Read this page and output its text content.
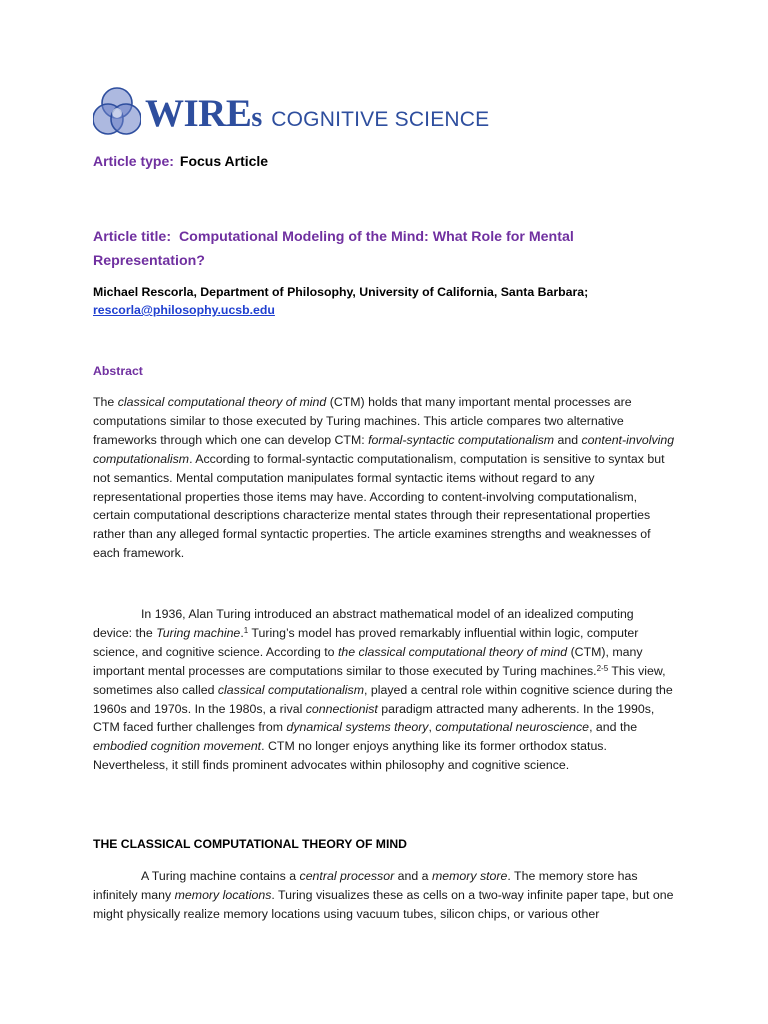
WIRE s COGNITIVE SCIENCE
Article type: Focus Article
Article title: Computational Modeling of the Mind: What Role for Mental Representation?
Michael Rescorla, Department of Philosophy, University of California, Santa Barbara;
rescorla@philosophy.ucsb.edu
Abstract
The classical computational theory of mind (CTM) holds that many important mental processes are computations similar to those executed by Turing machines. This article compares two alternative frameworks through which one can develop CTM: formal-syntactic computationalism and content-involving computationalism. According to formal-syntactic computationalism, computation is sensitive to syntax but not semantics. Mental computation manipulates formal syntactic items without regard to any representational properties those items may have. According to content-involving computationalism, certain computational descriptions characterize mental states through their representational properties rather than any alleged formal syntactic properties. The article examines strengths and weaknesses of each framework.
In 1936, Alan Turing introduced an abstract mathematical model of an idealized computing device: the Turing machine.$^1$ Turing’s model has proved remarkably influential within logic, computer science, and cognitive science. According to the classical computational theory of mind (CTM), many important mental processes are computations similar to those executed by Turing machines.$^{2-5}$ This view, sometimes also called classical computationalism, played a central role within cognitive science during the 1960s and 1970s. In the 1980s, a rival connectionist paradigm attracted many adherents. In the 1990s, CTM faced further challenges from dynamical systems theory, computational neuroscience, and the embodied cognition movement. CTM no longer enjoys anything like its former orthodox status. Nevertheless, it still finds prominent advocates within philosophy and cognitive science.
THE CLASSICAL COMPUTATIONAL THEORY OF MIND
A Turing machine contains a central processor and a memory store. The memory store has infinitely many memory locations. Turing visualizes these as cells on a two-way infinite paper tape, but one might physically realize memory locations using vacuum tubes, silicon chips, or various other
